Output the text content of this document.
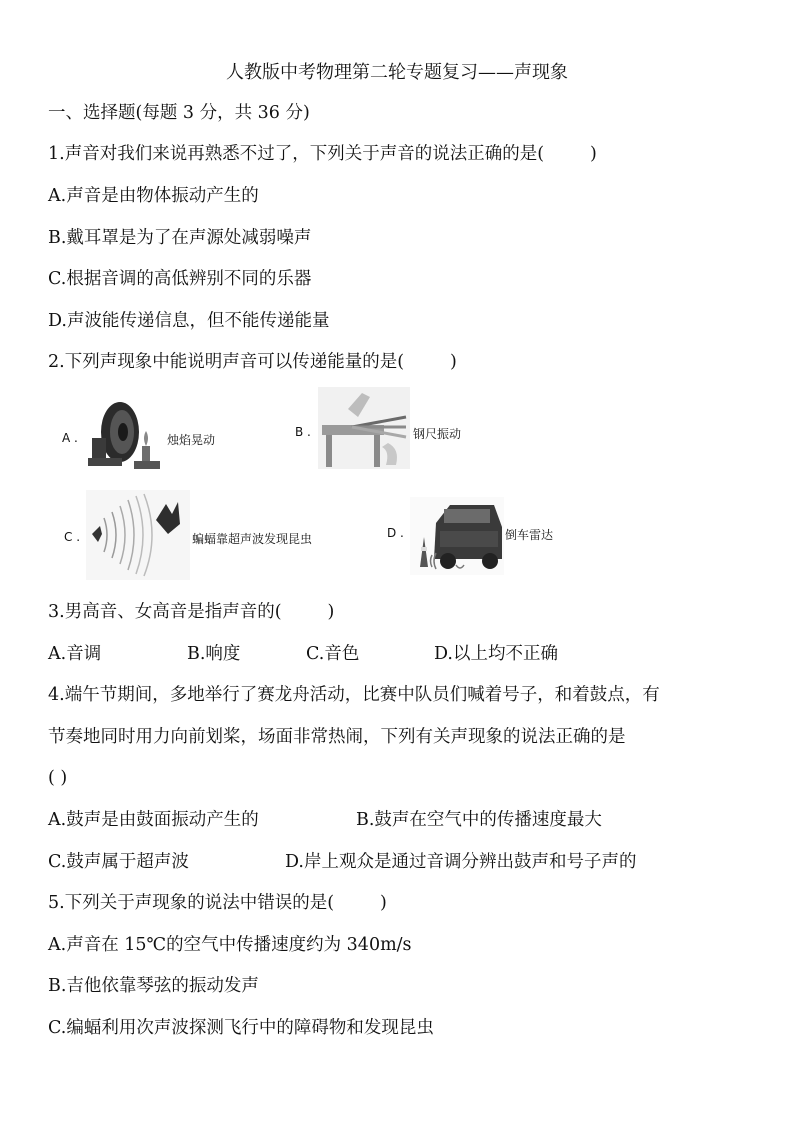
人教版中考物理第二轮专题复习——声现象
一、选择题(每题 3 分，共 36 分)
1.声音对我们来说再熟悉不过了，下列关于声音的说法正确的是(	)
A.声音是由物体振动产生的
B.戴耳罩是为了在声源处减弱噪声
C.根据音调的高低辨别不同的乐器
D.声波能传递信息，但不能传递能量
2.下列声现象中能说明声音可以传递能量的是(	)
A .	烛焰晃动
B .	钢尺振动
C .	蝙蝠靠超声波发现昆虫	D .	倒车雷达
3.男高音、女高音是指声音的(	)
A.音调	B.响度	C.音色	D.以上均不正确
4.端午节期间，多地举行了赛龙舟活动，比赛中队员们喊着号子，和着鼓点，有
节奏地同时用力向前划桨，场面非常热闹，下列有关声现象的说法正确的是
( )
A.鼓声是由鼓面振动产生的	B.鼓声在空气中的传播速度最大
C.鼓声属于超声波	D.岸上观众是通过音调分辨出鼓声和号子声的
5.下列关于声现象的说法中错误的是(	)
A.声音在 15℃的空气中传播速度约为 340m/s
B.吉他依靠琴弦的振动发声
C.编蝠利用次声波探测飞行中的障碍物和发现昆虫
